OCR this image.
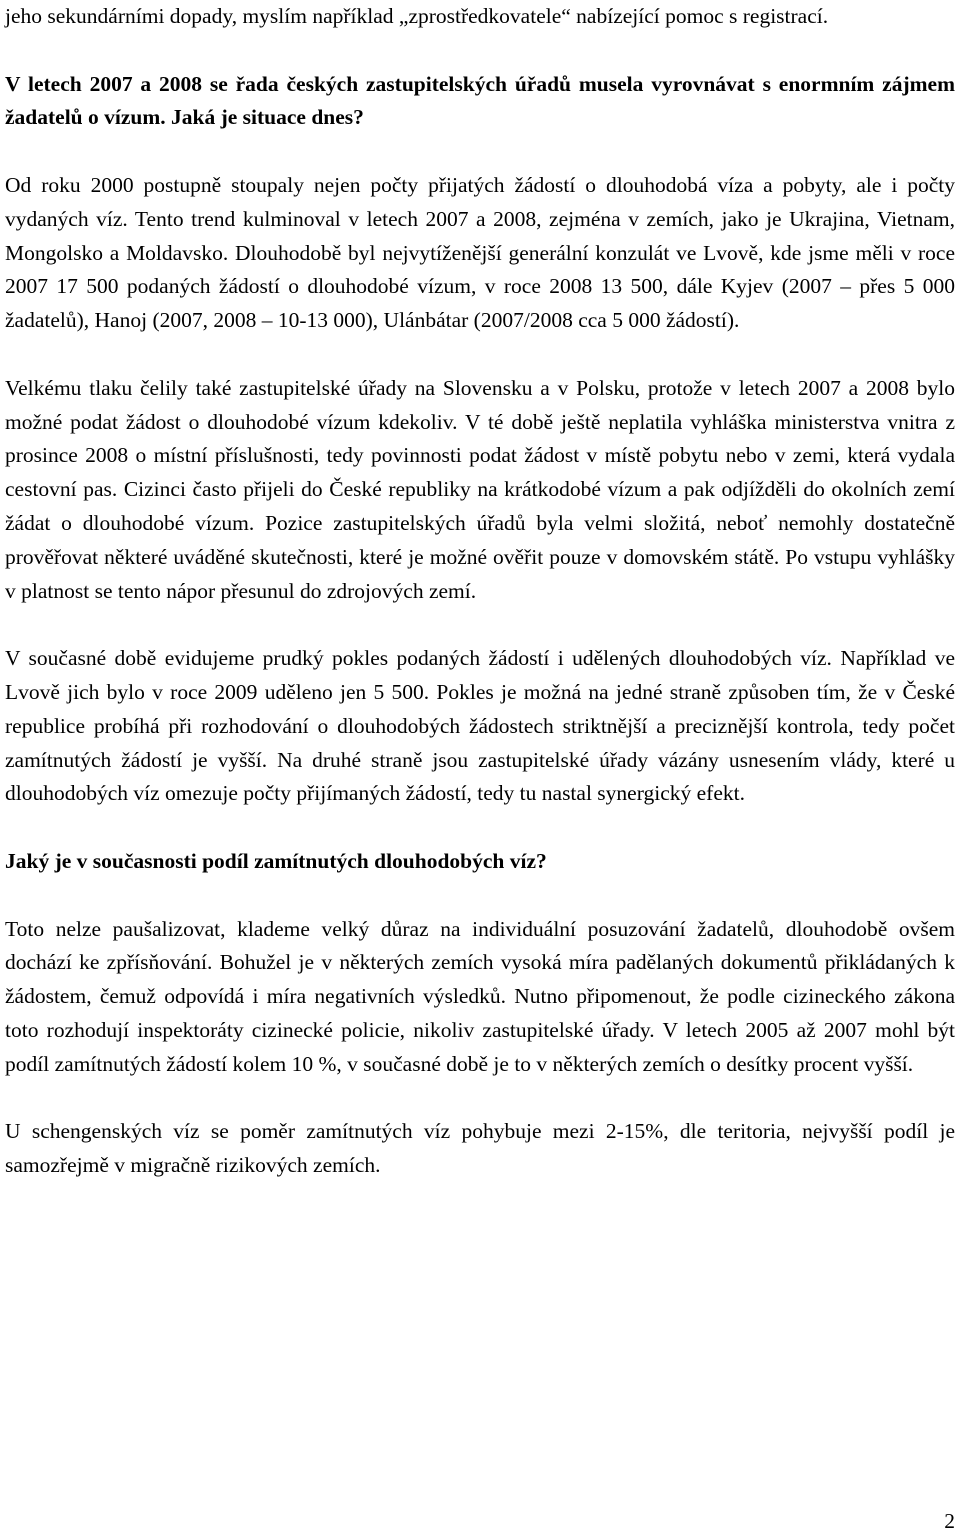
jeho sekundárními dopady, myslím například „zprostředkovatele“ nabízející pomoc s registrací.

V letech 2007 a 2008 se řada českých zastupitelských úřadů musela vyrovnávat s enormním zájmem žadatelů o vízum. Jaká je situace dnes?

Od roku 2000 postupně stoupaly nejen počty přijatých žádostí o dlouhodobá víza a pobyty, ale i počty vydaných víz. Tento trend kulminoval v letech 2007 a 2008, zejména v zemích, jako je Ukrajina, Vietnam, Mongolsko a Moldavsko. Dlouhodobě byl nejvytíženější generální konzulát ve Lvově, kde jsme měli v roce 2007 17 500 podaných žádostí o dlouhodobé vízum, v roce 2008 13 500, dále Kyjev (2007 – přes 5 000 žadatelů), Hanoj (2007, 2008 – 10-13 000), Ulánbátar (2007/2008 cca 5 000 žádostí).

Velkému tlaku čelily také zastupitelské úřady na Slovensku a v Polsku, protože v letech 2007 a 2008 bylo možné podat žádost o dlouhodobé vízum kdekoliv. V té době ještě neplatila vyhláška ministerstva vnitra z prosince 2008 o místní příslušnosti, tedy povinnosti podat žádost v místě pobytu nebo v zemi, která vydala cestovní pas. Cizinci často přijeli do České republiky na krátkodobé vízum a pak odjížděli do okolních zemí žádat o dlouhodobé vízum. Pozice zastupitelských úřadů byla velmi složitá, neboť nemohly dostatečně prověřovat některé uváděné skutečnosti, které je možné ověřit pouze v domovském státě. Po vstupu vyhlášky v platnost se tento nápor přesunul do zdrojových zemí.

V současné době evidujeme prudký pokles podaných žádostí i udělených dlouhodobých víz. Například ve Lvově jich bylo v roce 2009 uděleno jen 5 500. Pokles je možná na jedné straně způsoben tím, že v České republice probíhá při rozhodování o dlouhodobých žádostech striktnější a preciznější kontrola, tedy počet zamítnutých žádostí je vyšší. Na druhé straně jsou zastupitelské úřady vázány usnesením vlády, které u dlouhodobých víz omezuje počty přijímaných žádostí, tedy tu nastal synergický efekt.

Jaký je v současnosti podíl zamítnutých dlouhodobých víz?

Toto nelze paušalizovat, klademe velký důraz na individuální posuzování žadatelů, dlouhodobě ovšem dochází ke zpřísňování. Bohužel je v některých zemích vysoká míra padělaných dokumentů přikládaných k žádostem, čemuž odpovídá i míra negativních výsledků. Nutno připomenout, že podle cizineckého zákona toto rozhodují inspektoráty cizinecké policie, nikoliv zastupitelské úřady. V letech 2005 až 2007 mohl být podíl zamítnutých žádostí kolem 10 %, v současné době je to v některých zemích o desítky procent vyšší.

U schengenských víz se poměr zamítnutých víz pohybuje mezi 2-15%, dle teritoria, nejvyšší podíl je samozřejmě v migračně rizikových zemích.

2
